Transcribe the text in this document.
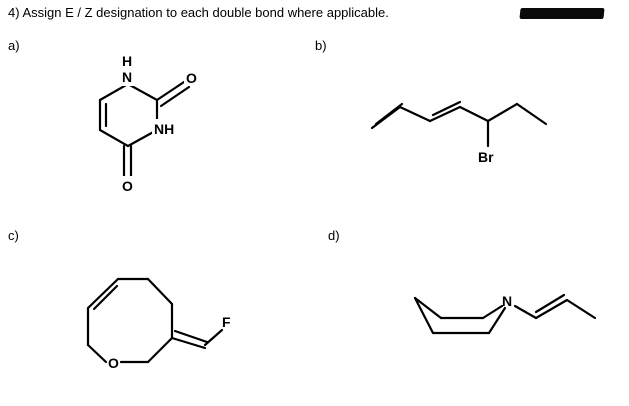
4) Assign E / Z designation to each double bond where applicable.
a)	b)
c)	d)
N
H
O
NH
O
Br
O
F
N
